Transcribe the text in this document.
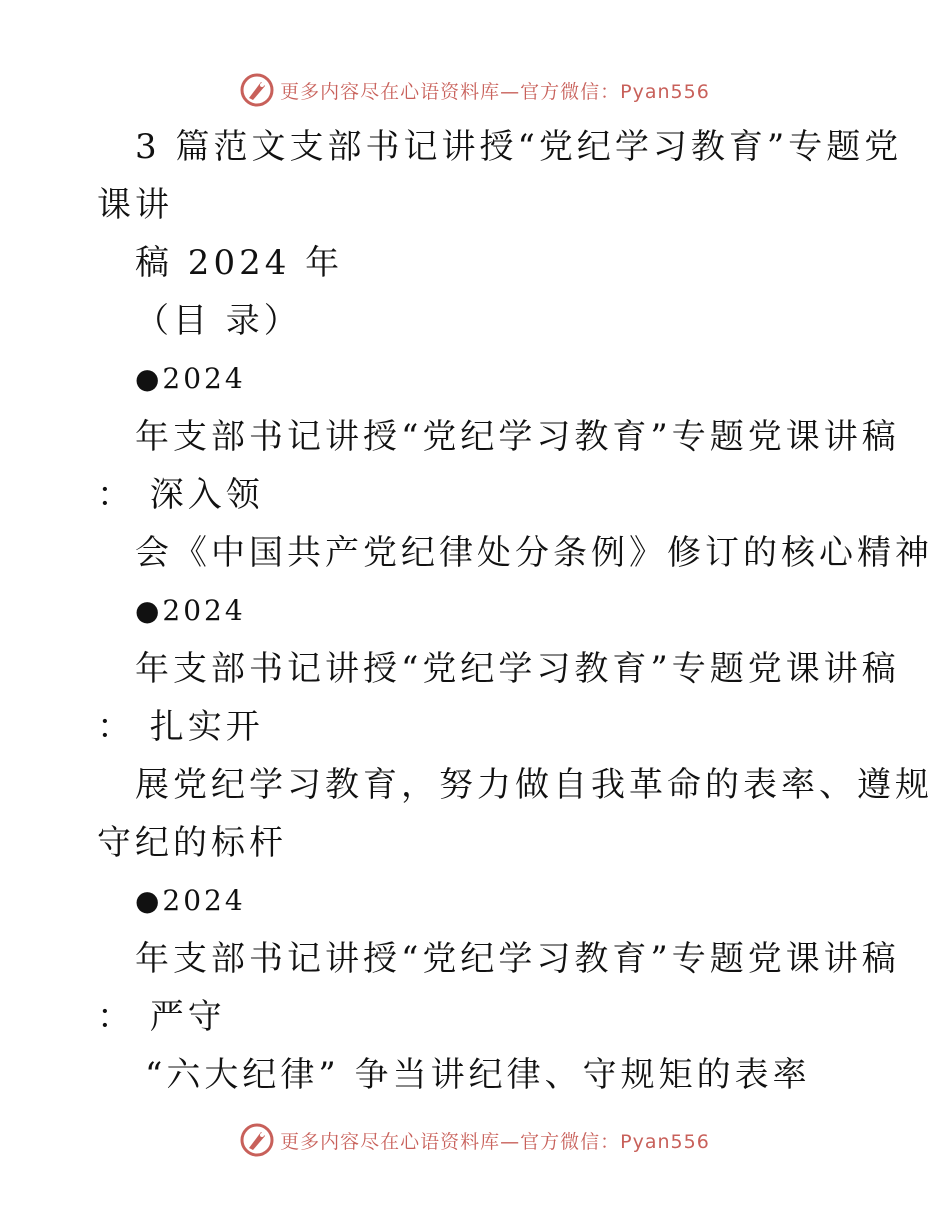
更多内容尽在心语资料库—官方微信：Pyan556
3 篇范文支部书记讲授“党纪学习教育”专题党
课讲
稿 2024 年
（目 录）
●2024
年支部书记讲授“党纪学习教育”专题党课讲稿
： 深入领
会《中国共产党纪律处分条例》修订的核心精神
●2024
年支部书记讲授“党纪学习教育”专题党课讲稿
： 扎实开
展党纪学习教育，努力做自我革命的表率、遵规
守纪的标杆
●2024
年支部书记讲授“党纪学习教育”专题党课讲稿
： 严守
“六大纪律” 争当讲纪律、守规矩的表率
更多内容尽在心语资料库—官方微信：Pyan556
